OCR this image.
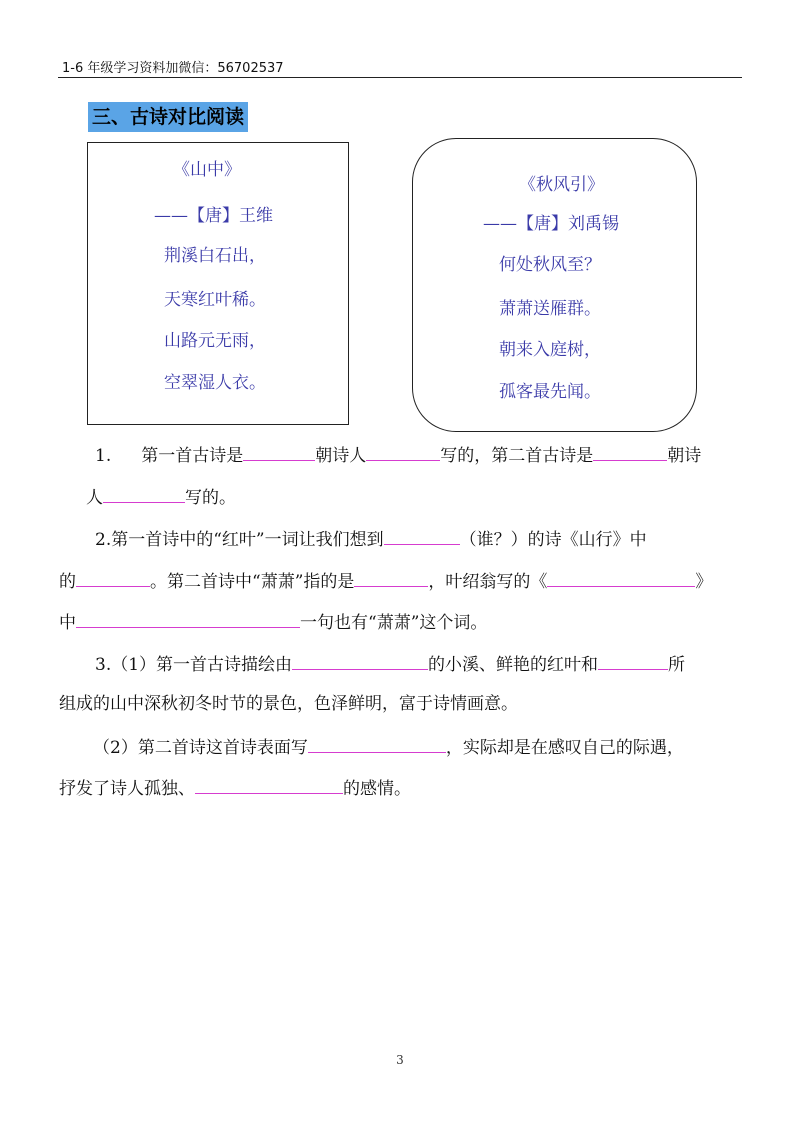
1-6 年级学习资料加微信：56702537
三、古诗对比阅读
《山中》
——【唐】王维
荆溪白石出，
天寒红叶稀。
山路元无雨，
空翠湿人衣。
《秋风引》
——【唐】刘禹锡
何处秋风至？
萧萧送雁群。
朝来入庭树，
孤客最先闻。
1. 第一首古诗是	朝诗人	写的，第二首古诗是	朝诗
人	写的。
2.第一首诗中的“红叶”一词让我们想到	（谁？）的诗《山行》中
的	。第二首诗中“萧萧”指的是	，叶绍翁写的《	》
中	一句也有“萧萧”这个词。
3.（1）第一首古诗描绘由	的小溪、鲜艳的红叶和	所
组成的山中深秋初冬时节的景色，色泽鲜明，富于诗情画意。
（2）第二首诗这首诗表面写	，实际却是在感叹自己的际遇，
抒发了诗人孤独、	的感情。
3
